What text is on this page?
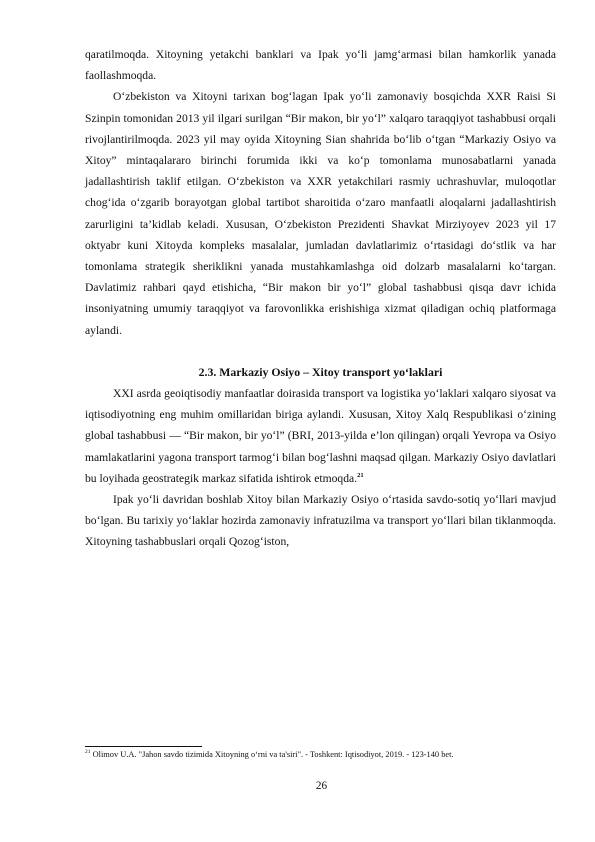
qaratilmoqda. Xitoyning yetakchi banklari va Ipak yo‘li jamg‘armasi bilan hamkorlik yanada faollashmoqda.

O‘zbekiston va Xitoyni tarixan bog‘lagan Ipak yo‘li zamonaviy bosqichda XXR Raisi Si Szinpin tomonidan 2013 yil ilgari surilgan “Bir makon, bir yo‘l” xalqaro taraqqiyot tashabbusi orqali rivojlantirilmoqda. 2023 yil may oyida Xitoyning Sian shahrida bo‘lib o‘tgan “Markaziy Osiyo va Xitoy” mintaqalararo birinchi forumida ikki va ko‘p tomonlama munosabatlarni yanada jadallashtirish taklif etilgan. O‘zbekiston va XXR yetakchilari rasmiy uchrashuvlar, muloqotlar chog‘ida o‘zgarib borayotgan global tartibot sharoitida o‘zaro manfaatli aloqalarni jadallashtirish zarurligini ta’kidlab keladi. Xususan, O‘zbekiston Prezidenti Shavkat Mirziyoyev 2023 yil 17 oktyabr kuni Xitoyda kompleks masalalar, jumladan davlatlarimiz o‘rtasidagi do‘stlik va har tomonlama strategik sheriklikni yanada mustahkamlashga oid dolzarb masalalarni ko‘targan. Davlatimiz rahbari qayd etishicha, “Bir makon bir yo‘l” global tashabbusi qisqa davr ichida insoniyatning umumiy taraqqiyot va farovonlikka erishishiga xizmat qiladigan ochiq platformaga aylandi.

2.3. Markaziy Osiyo – Xitoy transport yo‘laklari

XXI asrda geoiqtisodiy manfaatlar doirasida transport va logistika yo‘laklari xalqaro siyosat va iqtisodiyotning eng muhim omillaridan biriga aylandi. Xususan, Xitoy Xalq Respublikasi o‘zining global tashabbusi — “Bir makon, bir yo‘l” (BRI, 2013-yilda e’lon qilingan) orqali Yevropa va Osiyo mamlakatlarini yagona transport tarmog‘i bilan bog‘lashni maqsad qilgan. Markaziy Osiyo davlatlari bu loyihada geostrategik markaz sifatida ishtirok etmoqda.$^{21}$

Ipak yo‘li davridan boshlab Xitoy bilan Markaziy Osiyo o‘rtasida savdo-sotiq yo‘llari mavjud bo‘lgan. Bu tarixiy yo‘laklar hozirda zamonaviy infratuzilma va transport yo‘llari bilan tiklanmoqda. Xitoyning tashabbuslari orqali Qozog‘iston,

$^{21}$ Olimov U.A. "Jahon savdo tizimida Xitoyning o‘rni va ta'siri". - Toshkent: Iqtisodiyot, 2019. - 123-140 bet.

26
